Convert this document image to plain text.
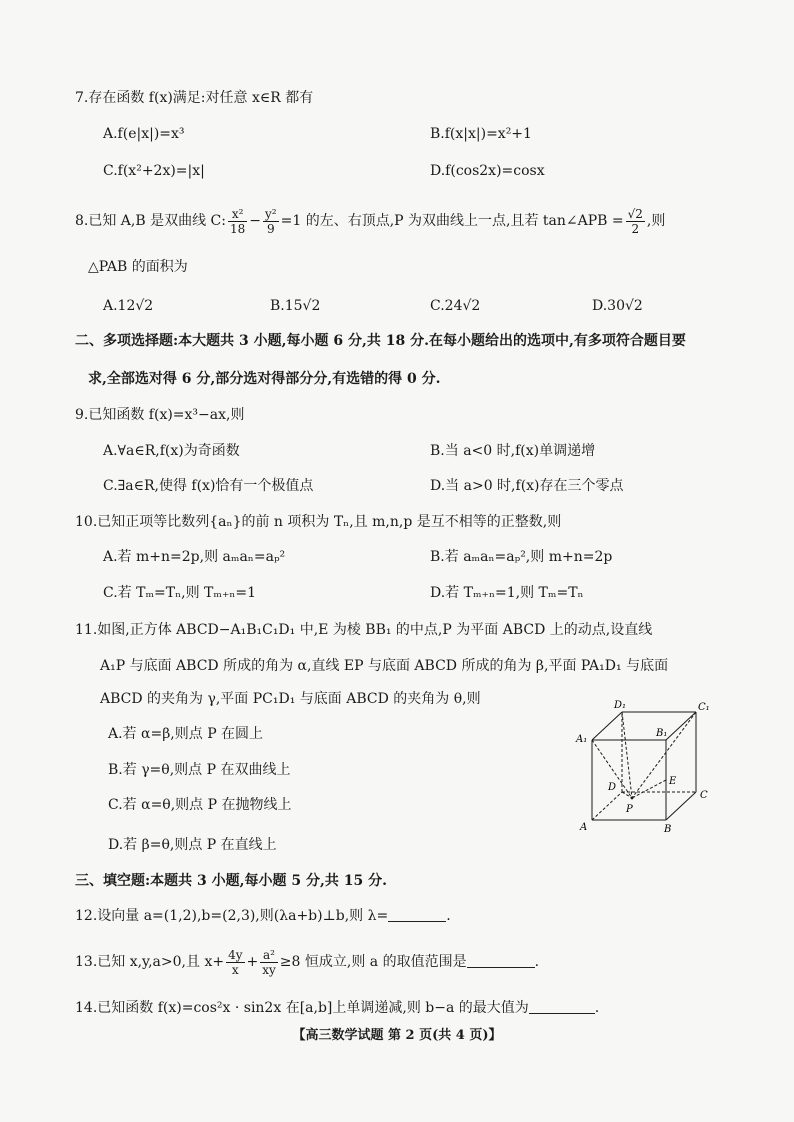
7.存在函数 f(x)满足:对任意 x∈R 都有
A.f(e|x|)=x³	B.f(x|x|)=x²+1
C.f(x²+2x)=|x|	D.f(cos2x)=cosx
8.已知 A,B 是双曲线 C: $\frac{\text{x²}}{18} - \frac{\text{y²}}{9} =1$ 的左、右顶点,P 为双曲线上一点,且若 tan∠APB = $\frac{√2}{2}$ ,则
△PAB 的面积为
A.12√2	B.15√2	C.24√2	D.30√2
二、多项选择题:本大题共 3 小题,每小题 6 分,共 18 分.在每小题给出的选项中,有多项符合题目要
求,全部选对得 6 分,部分选对得部分分,有选错的得 0 分.
9.已知函数 f(x)=x³−ax,则
A.∀a∈R,f(x)为奇函数	B.当 a<0 时,f(x)单调递增
C.∃a∈R,使得 f(x)恰有一个极值点	D.当 a>0 时,f(x)存在三个零点
10.已知正项等比数列{aₙ}的前 n 项积为 Tₙ,且 m,n,p 是互不相等的正整数,则
A.若 m+n=2p,则 aₘaₙ=aₚ²	B.若 aₘaₙ=aₚ²,则 m+n=2p
C.若 Tₘ=Tₙ,则 Tₘ₊ₙ=1	D.若 Tₘ₊ₙ=1,则 Tₘ=Tₙ
11.如图,正方体 ABCD−A₁B₁C₁D₁ 中,E 为棱 BB₁ 的中点,P 为平面 ABCD 上的动点,设直线
A₁P 与底面 ABCD 所成的角为 α,直线 EP 与底面 ABCD 所成的角为 β,平面 PA₁D₁ 与底面
ABCD 的夹角为 γ,平面 PC₁D₁ 与底面 ABCD 的夹角为 θ,则
A.若 α=β,则点 P 在圆上
B.若 γ=θ,则点 P 在双曲线上
C.若 α=θ,则点 P 在抛物线上
D.若 β=θ,则点 P 在直线上
D₁	C₁
A₁
B₁
D
C
A	B
E
P
三、填空题:本题共 3 小题,每小题 5 分,共 15 分.
12.设向量 a=(1,2),b=(2,3),则(λa+b)⊥b,则 λ=	.
13.已知 x,y,a>0,且 $x+ \frac{4y}{x} + \frac{\text{a²}}{xy} \ge 8$ 恒成立,则 a 的取值范围是	.
14.已知函数 f(x)=cos²x · sin2x 在[a,b]上单调递减,则 b−a 的最大值为	.
【高三数学试题 第 2 页(共 4 页)】
